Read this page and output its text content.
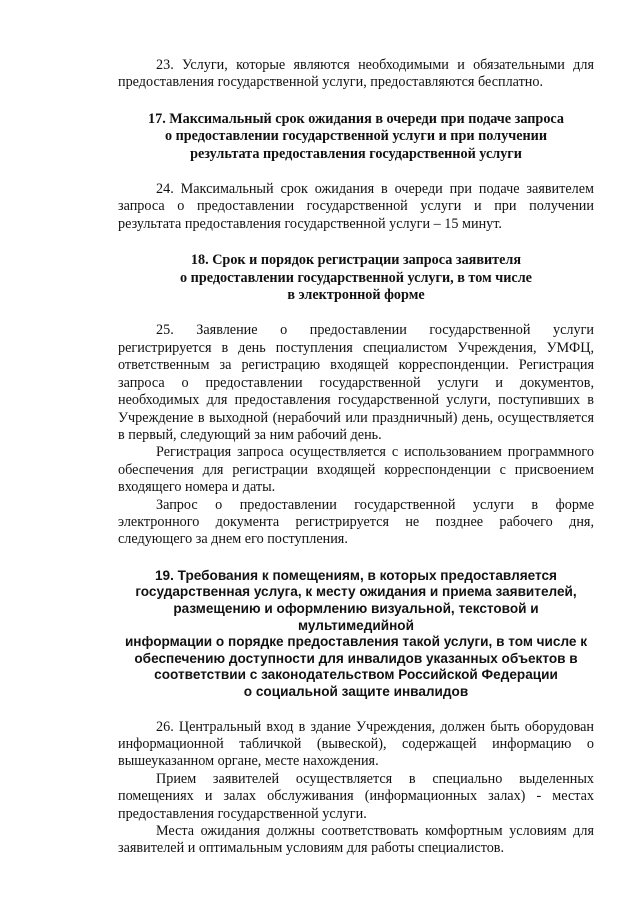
23. Услуги, которые являются необходимыми и обязательными для предоставления государственной услуги, предоставляются бесплатно.

17. Максимальный срок ожидания в очереди при подаче запроса
о предоставлении государственной услуги и при получении
результата предоставления государственной услуги

24. Максимальный срок ожидания в очереди при подаче заявителем запроса о предоставлении государственной услуги и при получении результата предоставления государственной услуги – 15 минут.

18. Срок и порядок регистрации запроса заявителя
о предоставлении государственной услуги, в том числе
в электронной форме

25. Заявление о предоставлении государственной услуги регистрируется в день поступления специалистом Учреждения, УМФЦ, ответственным за регистрацию входящей корреспонденции. Регистрация запроса о предоставлении государственной услуги и документов, необходимых для предоставления государственной услуги, поступивших в Учреждение в выходной (нерабочий или праздничный) день, осуществляется в первый, следующий за ним рабочий день.

Регистрация запроса осуществляется с использованием программного обеспечения для регистрации входящей корреспонденции с присвоением входящего номера и даты.

Запрос о предоставлении государственной услуги в форме электронного документа регистрируется не позднее рабочего дня, следующего за днем его поступления.

19. Требования к помещениям, в которых предоставляется
государственная услуга, к месту ожидания и приема заявителей,
размещению и оформлению визуальной, текстовой и мультимедийной
информации о порядке предоставления такой услуги, в том числе к
обеспечению доступности для инвалидов указанных объектов в
соответствии с законодательством Российской Федерации
о социальной защите инвалидов

26. Центральный вход в здание Учреждения, должен быть оборудован информационной табличкой (вывеской), содержащей информацию о вышеуказанном органе, месте нахождения.

Прием заявителей осуществляется в специально выделенных помещениях и залах обслуживания (информационных залах) - местах предоставления государственной услуги.

Места ожидания должны соответствовать комфортным условиям для заявителей и оптимальным условиям для работы специалистов.
